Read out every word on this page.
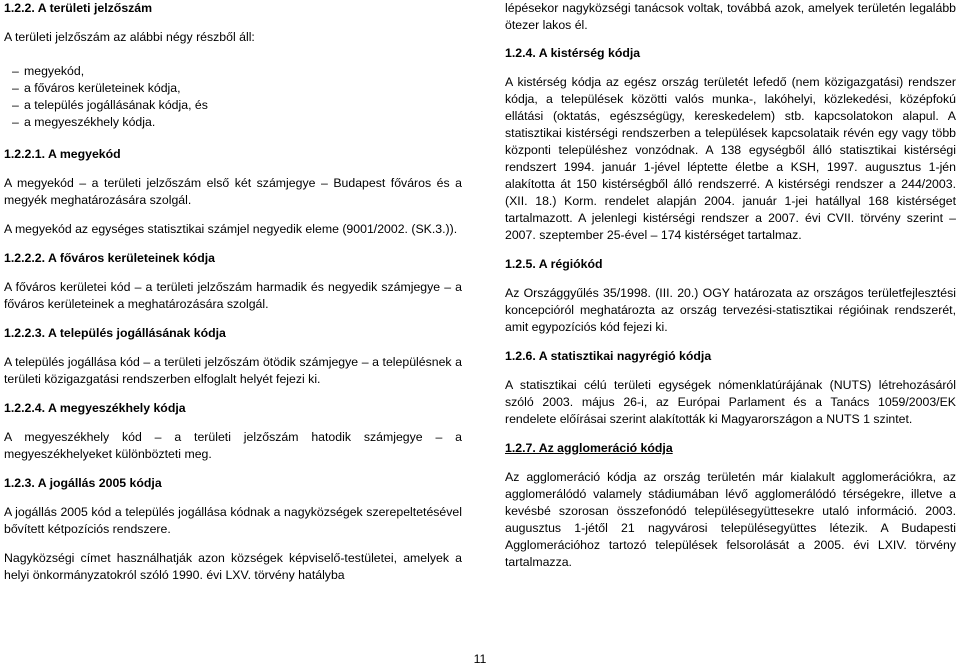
1.2.2. A területi jelzőszám

A területi jelzőszám az alábbi négy részből áll:

– megyekód,
– a főváros kerületeinek kódja,
– a település jogállásának kódja, és
– a megyeszékhely kódja.

1.2.2.1. A megyekód

A megyekód – a területi jelzőszám első két számjegye – Budapest főváros és a megyék meghatározására szolgál.

A megyekód az egységes statisztikai számjel negyedik eleme (9001/2002. (SK.3.)).

1.2.2.2. A főváros kerületeinek kódja

A főváros kerületei kód – a területi jelzőszám harmadik és negyedik számjegye – a főváros kerületeinek a meghatározására szolgál.

1.2.2.3. A település jogállásának kódja

A település jogállása kód – a területi jelzőszám ötödik számjegye – a településnek a területi közigazgatási rendszerben elfoglalt helyét fejezi ki.

1.2.2.4. A megyeszékhely kódja

A megyeszékhely kód – a területi jelzőszám hatodik számjegye – a megyeszékhelyeket különbözteti meg.

1.2.3. A jogállás 2005 kódja

A jogállás 2005 kód a település jogállása kódnak a nagyközségek szerepeltetésével bővített kétpozíciós rendszere.

Nagyközségi címet használhatják azon községek képviselő-testületei, amelyek a helyi önkormányzatokról szóló 1990. évi LXV. törvény hatályba

lépésekor nagyközségi tanácsok voltak, továbbá azok, amelyek területén legalább ötezer lakos él.

1.2.4. A kistérség kódja

A kistérség kódja az egész ország területét lefedő (nem közigazgatási) rendszer kódja, a települések közötti valós munka-, lakóhelyi, közlekedési, középfokú ellátási (oktatás, egészségügy, kereskedelem) stb. kapcsolatokon alapul. A statisztikai kistérségi rendszerben a települések kapcsolataik révén egy vagy több központi településhez vonzódnak. A 138 egységből álló statisztikai kistérségi rendszert 1994. január 1-jével léptette életbe a KSH, 1997. augusztus 1-jén alakította át 150 kistérségből álló rendszerré. A kistérségi rendszer a 244/2003. (XII. 18.) Korm. rendelet alapján 2004. január 1-jei hatállyal 168 kistérséget tartalmazott. A jelenlegi kistérségi rendszer a 2007. évi CVII. törvény szerint – 2007. szeptember 25-ével – 174 kistérséget tartalmaz.

1.2.5. A régiókód

Az Országgyűlés 35/1998. (III. 20.) OGY határozata az országos területfejlesztési koncepcióról meghatározta az ország tervezési-statisztikai régióinak rendszerét, amit egypozíciós kód fejezi ki.

1.2.6. A statisztikai nagyrégió kódja

A statisztikai célú területi egységek nómenklatúrájának (NUTS) létrehozásáról szóló 2003. május 26-i, az Európai Parlament és a Tanács 1059/2003/EK rendelete előírásai szerint alakították ki Magyarországon a NUTS 1 szintet.

1.2.7. Az agglomeráció kódja

Az agglomeráció kódja az ország területén már kialakult agglomerációkra, az agglomerálódó valamely stádiumában lévő agglomerálódó térségekre, illetve a kevésbé szorosan összefonódó településegyüttesekre utaló információ. 2003. augusztus 1-jétől 21 nagyvárosi településegyüttes létezik. A Budapesti Agglomerációhoz tartozó települések felsorolását a 2005. évi LXIV. törvény tartalmazza.

11
